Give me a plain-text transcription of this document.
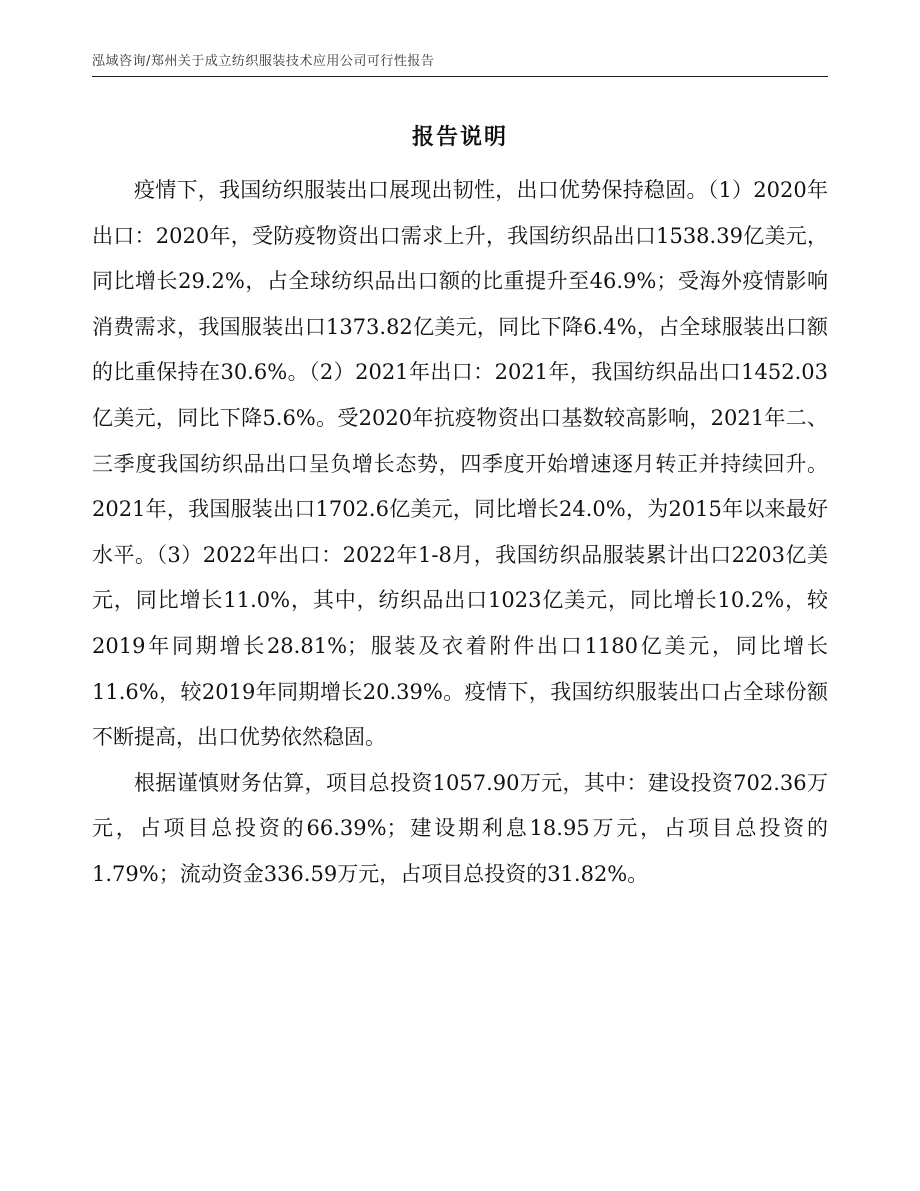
泓域咨询/郑州关于成立纺织服装技术应用公司可行性报告
报告说明

疫情下，我国纺织服装出口展现出韧性，出口优势保持稳固。（1）2020年出口：2020年，受防疫物资出口需求上升，我国纺织品出口1538.39亿美元，同比增长29.2%，占全球纺织品出口额的比重提升至46.9%；受海外疫情影响消费需求，我国服装出口1373.82亿美元，同比下降6.4%，占全球服装出口额的比重保持在30.6%。（2）2021年出口：2021年，我国纺织品出口1452.03亿美元，同比下降5.6%。受2020年抗疫物资出口基数较高影响，2021年二、三季度我国纺织品出口呈负增长态势，四季度开始增速逐月转正并持续回升。2021年，我国服装出口1702.6亿美元，同比增长24.0%，为2015年以来最好水平。（3）2022年出口：2022年1-8月，我国纺织品服装累计出口2203亿美元，同比增长11.0%，其中，纺织品出口1023亿美元，同比增长10.2%，较2019年同期增长28.81%；服装及衣着附件出口1180亿美元，同比增长11.6%，较2019年同期增长20.39%。疫情下，我国纺织服装出口占全球份额不断提高，出口优势依然稳固。

根据谨慎财务估算，项目总投资1057.90万元，其中：建设投资702.36万元，占项目总投资的66.39%；建设期利息18.95万元，占项目总投资的1.79%；流动资金336.59万元，占项目总投资的31.82%。
